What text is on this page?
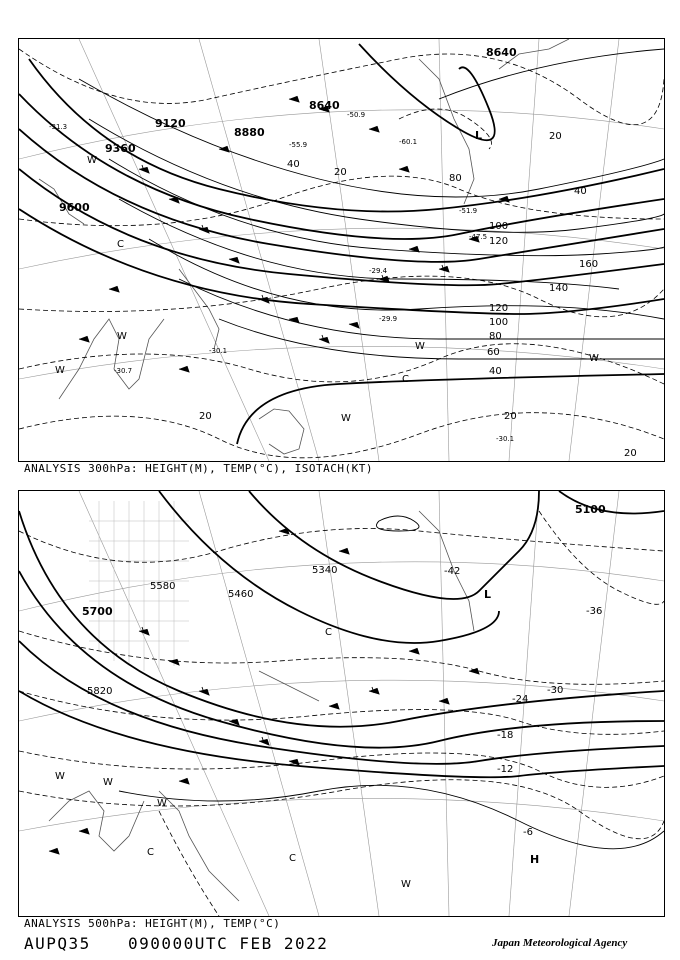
8640
9120
8880
9360
9600
8640
20
20
20
20
20
40
40
40
60
80
80
100
100
120
120
140
160
-30.1
-30.1
-30.7
-29.9
-29.4
-51.9
-47.5
-50.9
-55.9	-60.1
-31.3
L
C
C
W
W
W
W
W
W
ANALYSIS 300hPa: HEIGHT(M), TEMP(°C), ISOTACH(KT)
5100
5340
5460
5580
5700
5820
-42
-36
-30
-24
-18
-12
-6
L
H
C
C
C
W
W
W
W
ANALYSIS 500hPa: HEIGHT(M), TEMP(°C)
AUPQ35 090000UTC FEB 2022	Japan Meteorological Agency
